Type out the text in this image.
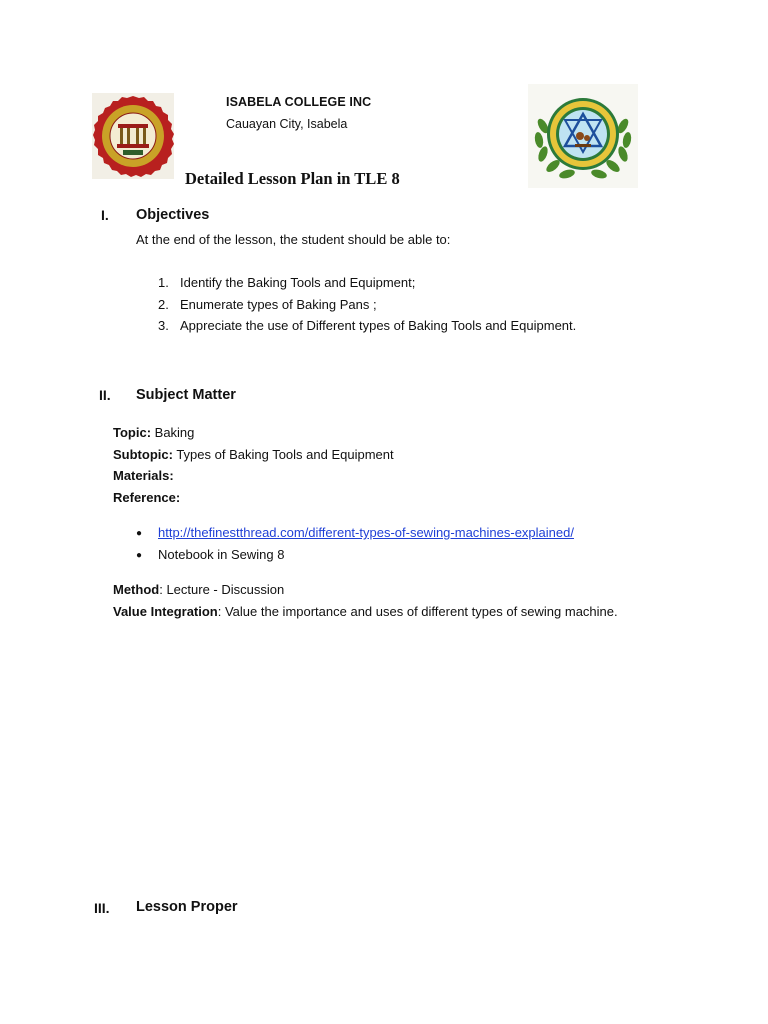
ISABELA COLLEGE INC
Cauayan City, Isabela
Detailed Lesson Plan in TLE 8
I. Objectives
At the end of the lesson, the student should be able to:
1. Identify the Baking Tools and Equipment;
2. Enumerate types of Baking Pans ;
3. Appreciate the use of Different types of Baking Tools and Equipment.
II. Subject Matter
Topic: Baking
Subtopic: Types of Baking Tools and Equipment
Materials:
Reference:
● http://thefinestthread.com/different-types-of-sewing-machines-explained/
● Notebook in Sewing 8
Method: Lecture - Discussion
Value Integration: Value the importance and uses of different types of sewing machine.
III. Lesson Proper
